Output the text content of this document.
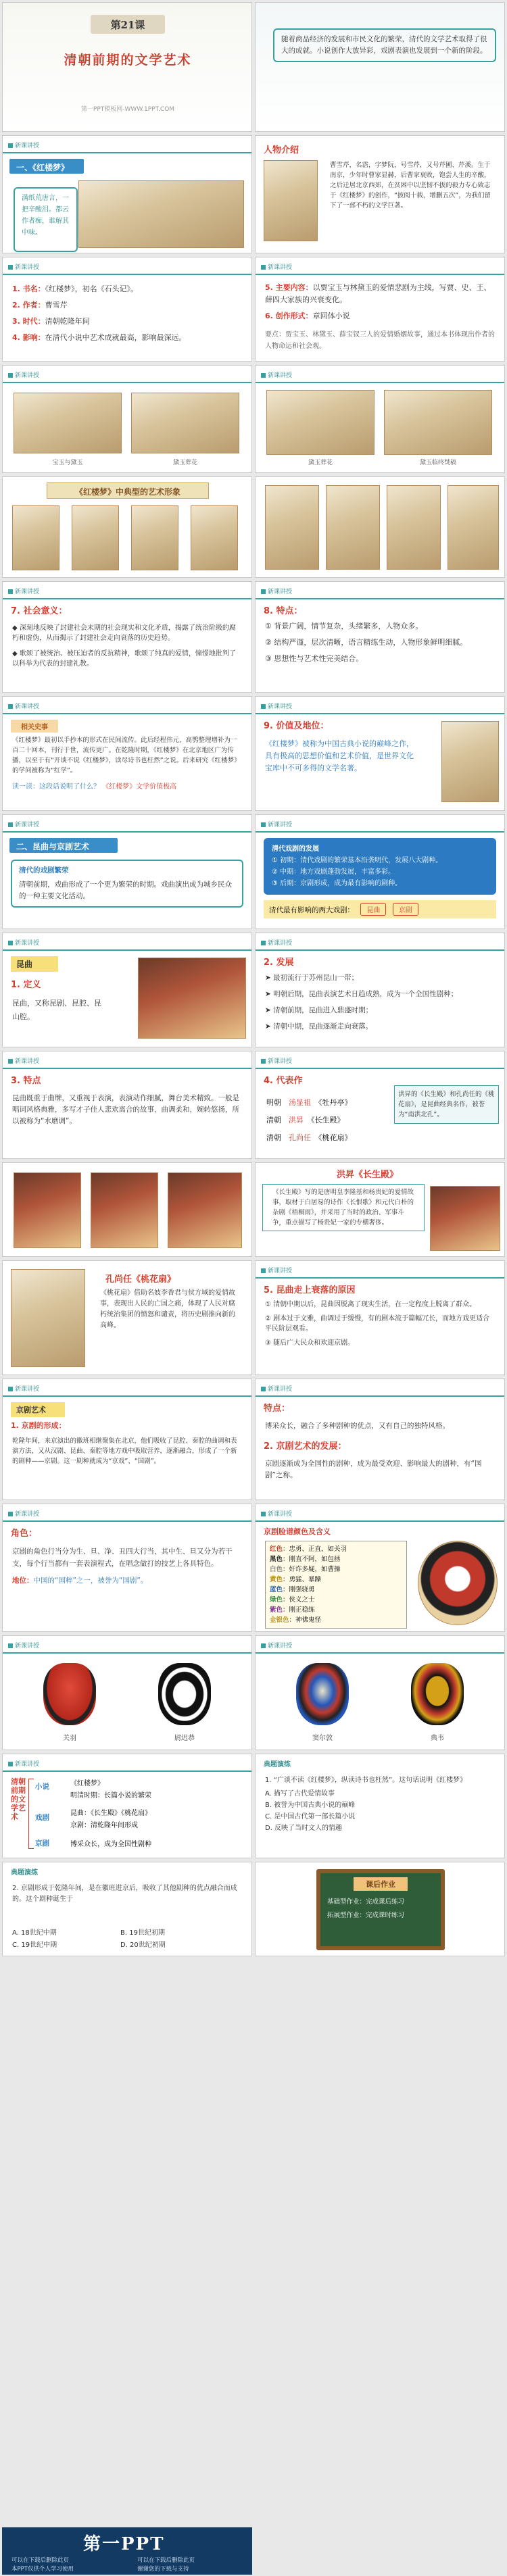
第21课
清朝前期的文学艺术
第一PPT模板网-WWW.1PPT.COM
随着商品经济的发展和市民文化的繁荣，清代的文学艺术取得了很大的成就。小说创作大放异彩，戏剧表演也发展到一个新的阶段。
新课讲授
一、《红楼梦》
满纸荒唐言，一把辛酸泪。都云作者痴，谁解其中味。
人物介绍
曹雪芹，名霑，字梦阮，号雪芹，又号芹圃、芹溪。生于南京，少年时曹家显赫，后曹家衰败，饱尝人生的辛酸，之后迁居北京西郊，在贫困中以坚韧不拔的毅力专心致志于《红楼梦》的创作，“披阅十载，增删五次”，为我们留下了一部不朽的文学巨著。
新课讲授
1. 书名：《红楼梦》，初名《石头记》。
2. 作者：曹雪芹
3. 时代：清朝乾隆年间
4. 影响：在清代小说中艺术成就最高，影响最深远。
新课讲授
5. 主要内容：以贾宝玉与林黛玉的爱情悲剧为主线，写贾、史、王、薛四大家族的兴衰变化。
6. 创作形式：章回体小说
要点：贾宝玉、林黛玉、薛宝钗三人的爱情婚姻故事，通过本书体现出作者的人物命运和社会观。
新课讲授
宝玉与黛玉	黛玉葬花
新课讲授
黛玉葬花	黛玉临终焚稿
《红楼梦》中典型的艺术形象
新课讲授
7. 社会意义：
◆ 深刻地反映了封建社会末期的社会现实和文化矛盾，揭露了统治阶级的腐朽和虚伪，从而揭示了封建社会走向衰落的历史趋势。
◆ 歌颂了被统治、被压迫者的反抗精神，歌颂了纯真的爱情，憧憬地批判了以科举为代表的封建礼教。
新课讲授
8. 特点：
① 背景广阔，情节复杂，头绪繁多，人物众多。
② 结构严谨，层次清晰，语言精练生动，人物形象鲜明细腻。
③ 思想性与艺术性完美结合。
新课讲授
相关史事
《红楼梦》最初以手抄本的形式在民间流传。此后经程伟元、高鹗整理增补为一百二十回本，刊行于世，流传更广。在乾隆时期，《红楼梦》在北京地区广为传播，以至于有“开谈不说《红楼梦》，读尽诗书也枉然”之说。后来研究《红楼梦》的学问被称为“红学”。
读一读：这段话说明了什么？ 《红楼梦》文学价值极高
新课讲授
9. 价值及地位：
《红楼梦》被称为中国古典小说的巅峰之作，具有极高的思想价值和艺术价值，是世界文化宝库中不可多得的文学名著。
新课讲授
二、昆曲与京剧艺术
清代的戏剧繁荣
清朝前期，戏曲形成了一个更为繁荣的时期。戏曲演出成为城乡民众的一种主要文化活动。
新课讲授
清代戏剧的发展
① 初期：清代戏剧的繁荣基本沿袭明代，发展八大剧种。
② 中期：地方戏剧蓬勃发展，丰富多彩。
③ 后期：京剧形成，成为最有影响的剧种。
清代最有影响的两大戏剧： 昆曲	京剧
新课讲授
昆曲
1. 定义
昆曲，又称昆剧、昆腔、昆山腔。
新课讲授
2. 发展
➤ 最初流行于苏州昆山一带；
➤ 明朝后期，昆曲表演艺术日趋成熟，成为一个全国性剧种；
➤ 清朝前期，昆曲进入鼎盛时期；
➤ 清朝中期，昆曲逐渐走向衰落。
新课讲授
3. 特点
昆曲既重于曲牌，又重视于表演，表演动作细腻，舞台美术精致。一般是唱词风格典雅，多写才子佳人悲欢离合的故事，曲调柔和，婉转悠扬，所以被称为“水磨调”。
新课讲授
4. 代表作
明朝　 汤显祖　 《牡丹亭》
清朝　 洪昇　 《长生殿》
清朝　 孔尚任　 《桃花扇》
洪昇的《长生殿》和孔尚任的《桃花扇》，是昆曲经典名作，被誉为“南洪北孔”。
洪昇《长生殿》
《长生殿》写的是唐明皇李隆基和杨贵妃的爱情故事，取材于白居易的诗作《长恨歌》和元代白朴的杂剧《梧桐雨》，并采用了当时的政治、军事斗争，重点描写了杨贵妃一家的专横奢侈。
孔尚任《桃花扇》
《桃花扇》借助名妓李香君与侯方域的爱情故事，表现出人民的亡国之痛，体现了人民对腐朽统治集团的愤怒和谴责，将历史剧推向新的高峰。
新课讲授
5. 昆曲走上衰落的原因
① 清朝中期以后，昆曲因脱离了现实生活，在一定程度上脱离了群众。
② 剧本过于文雅，曲调过于缓慢，有的剧本流于篇幅冗长，而地方戏更适合平民阶层观看。
③ 随后广大民众和欢迎京剧。
新课讲授
京剧艺术
1. 京剧的形成：
乾隆年间，来京演出的徽班相继聚集在北京，他们吸收了昆腔、秦腔的曲调和表演方法，又从汉剧、昆曲、秦腔等地方戏中吸取营养，逐渐融合，形成了一个新的剧种——京剧。这一剧种就成为“京戏”、“国剧”。
新课讲授
特点：
博采众长，融合了多种剧种的优点，又有自己的独特风格。
2. 京剧艺术的发展：
京剧逐渐成为全国性的剧种，成为最受欢迎、影响最大的剧种，有“国剧”之称。
新课讲授
角色：
京剧的角色行当分为生、旦、净、丑四大行当，其中生、旦又分为若干支，每个行当都有一套表演程式，在唱念做打的技艺上各具特色。
地位：中国的“国粹”之一，被誉为“国剧”。
新课讲授
京剧脸谱颜色及含义
红色：忠勇、正直，如关羽
黑色：刚直不阿，如包拯
白色：奸诈多疑，如曹操
黄色：勇猛、暴躁
蓝色：刚强骁勇
绿色：侠义之士
紫色：刚正稳练
金银色：神佛鬼怪
新课讲授
关羽	尉迟恭
新课讲授
窦尔敦	典韦
新课讲授
清朝前期的文学艺术
小说	《红楼梦》
明清时期：长篇小说的繁荣
戏剧
昆曲：《长生殿》《桃花扇》
京剧：清乾隆年间形成
京剧	博采众长，成为全国性剧种
典题演练
1. “广谈不读《红楼梦》，纵读诗书也枉然”。这句话说明《红楼梦》
A. 描写了古代爱情故事
B. 被誉为中国古典小说的巅峰
C. 是中国古代第一部长篇小说
D. 反映了当时文人的情趣
典题演练
2. 京剧形成于乾隆年间，是在徽班进京后，吸收了其他剧种的优点融合而成的。这个剧种诞生于
A. 18世纪中期	B. 19世纪初期 C. 19世纪中期	D. 20世纪初期
课后作业
基础型作业：完成课后练习
拓展型作业：完成课时练习
第一PPT
可以在下载后删除此页
本PPT仅供个人学习使用
可以在下载后删除此页
谢谢您的下载与支持
